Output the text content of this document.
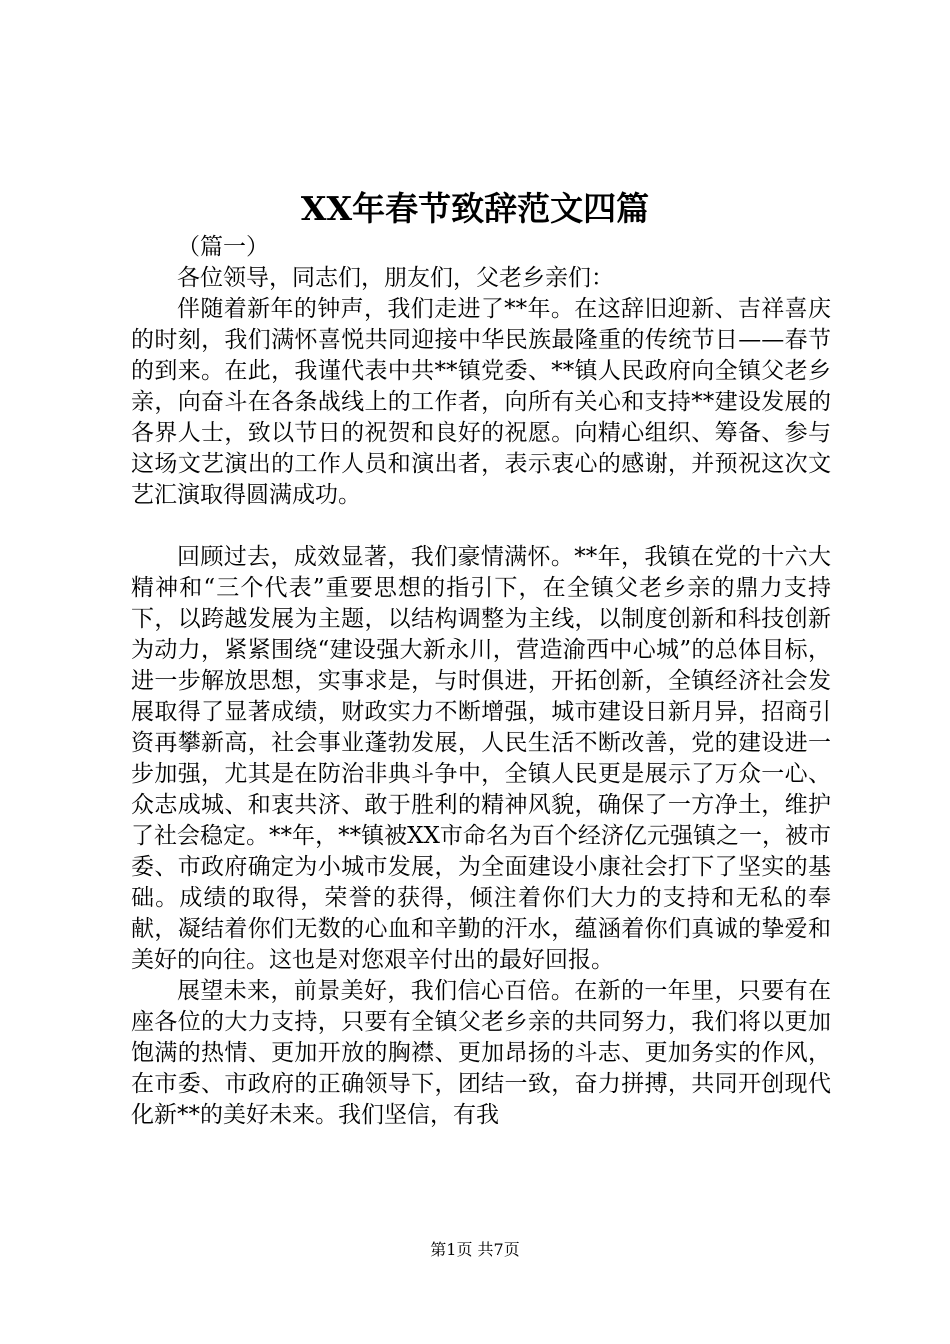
XX年春节致辞范文四篇

（篇一）

各位领导，同志们，朋友们，父老乡亲们：

伴随着新年的钟声，我们走进了**年。在这辞旧迎新、吉祥喜庆的时刻，我们满怀喜悦共同迎接中华民族最隆重的传统节日——春节的到来。在此，我谨代表中共**镇党委、**镇人民政府向全镇父老乡亲，向奋斗在各条战线上的工作者，向所有关心和支持**建设发展的各界人士，致以节日的祝贺和良好的祝愿。向精心组织、筹备、参与这场文艺演出的工作人员和演出者，表示衷心的感谢，并预祝这次文艺汇演取得圆满成功。

回顾过去，成效显著，我们豪情满怀。**年，我镇在党的十六大精神和“三个代表”重要思想的指引下，在全镇父老乡亲的鼎力支持下，以跨越发展为主题，以结构调整为主线，以制度创新和科技创新为动力，紧紧围绕“建设强大新永川，营造渝西中心城”的总体目标，进一步解放思想，实事求是，与时俱进，开拓创新，全镇经济社会发展取得了显著成绩，财政实力不断增强，城市建设日新月异，招商引资再攀新高，社会事业蓬勃发展，人民生活不断改善，党的建设进一步加强，尤其是在防治非典斗争中，全镇人民更是展示了万众一心、众志成城、和衷共济、敢于胜利的精神风貌，确保了一方净土，维护了社会稳定。**年，**镇被XX市命名为百个经济亿元强镇之一，被市委、市政府确定为小城市发展，为全面建设小康社会打下了坚实的基础。成绩的取得，荣誉的获得，倾注着你们大力的支持和无私的奉献，凝结着你们无数的心血和辛勤的汗水，蕴涵着你们真诚的挚爱和美好的向往。这也是对您艰辛付出的最好回报。

展望未来，前景美好，我们信心百倍。在新的一年里，只要有在座各位的大力支持，只要有全镇父老乡亲的共同努力，我们将以更加饱满的热情、更加开放的胸襟、更加昂扬的斗志、更加务实的作风，在市委、市政府的正确领导下，团结一致，奋力拼搏，共同开创现代化新**的美好未来。我们坚信，有我

第1页 共7页
